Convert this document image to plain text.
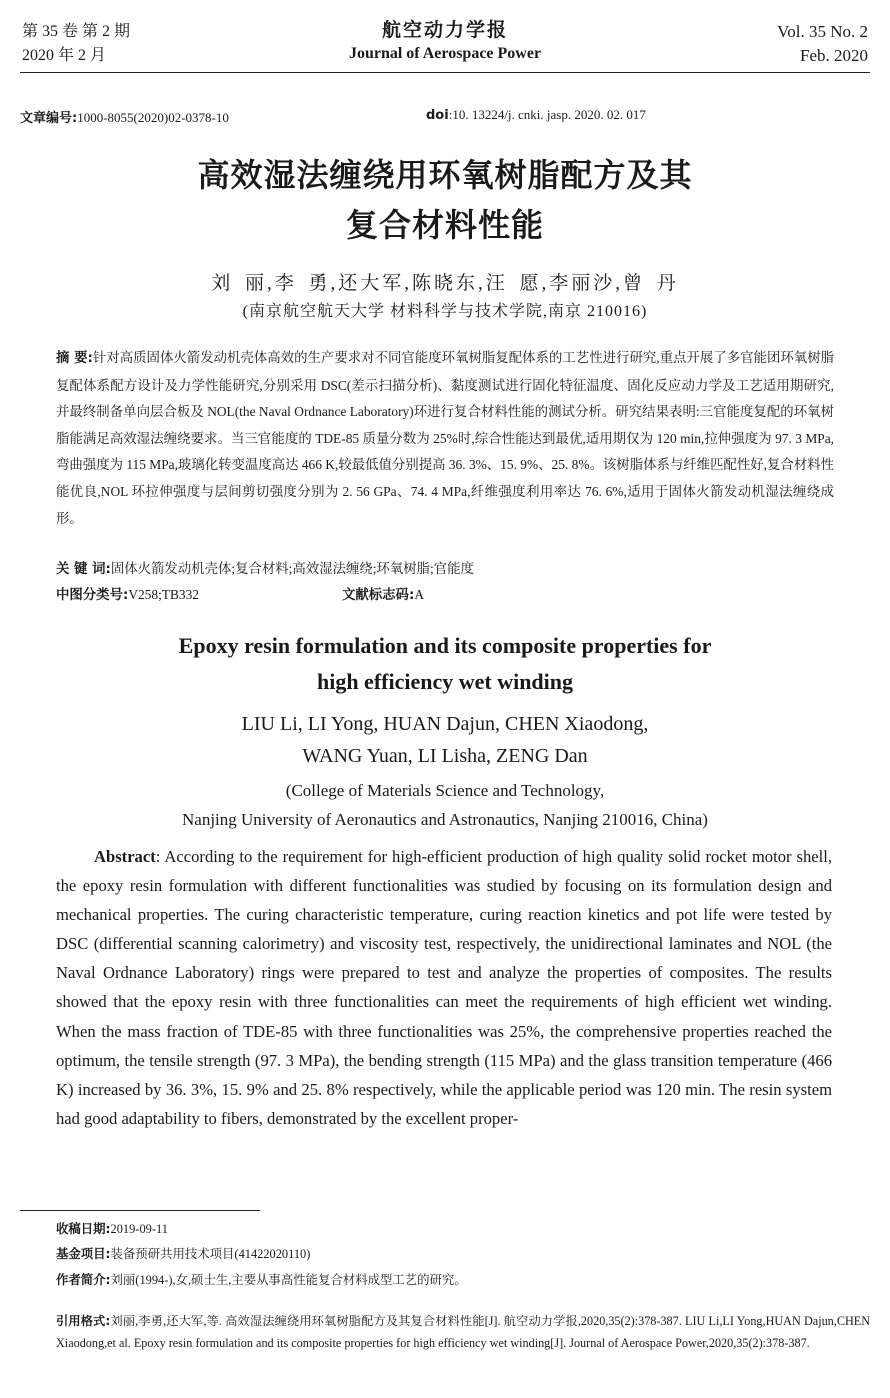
第 35 卷 第 2 期
2020 年 2 月
航空动力学报
Journal of Aerospace Power
Vol. 35 No. 2
Feb. 2020
文章编号:1000-8055(2020)02-0378-10	doi:10. 13224/j. cnki. jasp. 2020. 02. 017
高效湿法缠绕用环氧树脂配方及其
复合材料性能
刘 丽,李 勇,还大军,陈晓东,汪 愿,李丽沙,曾 丹
(南京航空航天大学 材料科学与技术学院,南京 210016)
摘 要:针对高质固体火箭发动机壳体高效的生产要求对不同官能度环氧树脂复配体系的工艺性进行研究,重点开展了多官能团环氧树脂复配体系配方设计及力学性能研究,分别采用 DSC(差示扫描分析)、黏度测试进行固化特征温度、固化反应动力学及工艺适用期研究,并最终制备单向层合板及 NOL(the Naval Ordnance Laboratory)环进行复合材料性能的测试分析。研究结果表明:三官能度复配的环氧树脂能满足高效湿法缠绕要求。当三官能度的 TDE-85 质量分数为 25%时,综合性能达到最优,适用期仅为 120 min,拉伸强度为 97. 3 MPa,弯曲强度为 115 MPa,玻璃化转变温度高达 466 K,较最低值分别提高 36. 3%、15. 9%、25. 8%。该树脂体系与纤维匹配性好,复合材料性能优良,NOL 环拉伸强度与层间剪切强度分别为 2. 56 GPa、74. 4 MPa,纤维强度利用率达 76. 6%,适用于固体火箭发动机湿法缠绕成形。
关 键 词:固体火箭发动机壳体;复合材料;高效湿法缠绕;环氧树脂;官能度
中图分类号:V258;TB332	文献标志码:A
Epoxy resin formulation and its composite properties for
high efficiency wet winding
LIU Li, LI Yong, HUAN Dajun, CHEN Xiaodong,
WANG Yuan, LI Lisha, ZENG Dan
(College of Materials Science and Technology,
Nanjing University of Aeronautics and Astronautics, Nanjing 210016, China)
Abstract: According to the requirement for high-efficient production of high quality solid rocket motor shell, the epoxy resin formulation with different functionalities was studied by focusing on its formulation design and mechanical properties. The curing characteristic temperature, curing reaction kinetics and pot life were tested by DSC (differential scanning calorimetry) and viscosity test, respectively, the unidirectional laminates and NOL (the Naval Ordnance Laboratory) rings were prepared to test and analyze the properties of composites. The results showed that the epoxy resin with three functionalities can meet the requirements of high efficient wet winding. When the mass fraction of TDE-85 with three functionalities was 25%, the comprehensive properties reached the optimum, the tensile strength (97. 3 MPa), the bending strength (115 MPa) and the glass transition temperature (466 K) increased by 36. 3%, 15. 9% and 25. 8% respectively, while the applicable period was 120 min. The resin system had good adaptability to fibers, demonstrated by the excellent proper-
收稿日期:2019-09-11
基金项目:装备预研共用技术项目(41422020110)
作者简介:刘丽(1994-),女,硕士生,主要从事高性能复合材料成型工艺的研究。
引用格式:刘丽,李勇,还大军,等. 高效湿法缠绕用环氧树脂配方及其复合材料性能[J]. 航空动力学报,2020,35(2):378-387. LIU Li,LI Yong,HUAN Dajun,CHEN Xiaodong,et al. Epoxy resin formulation and its composite properties for high efficiency wet winding[J]. Journal of Aerospace Power,2020,35(2):378-387.
